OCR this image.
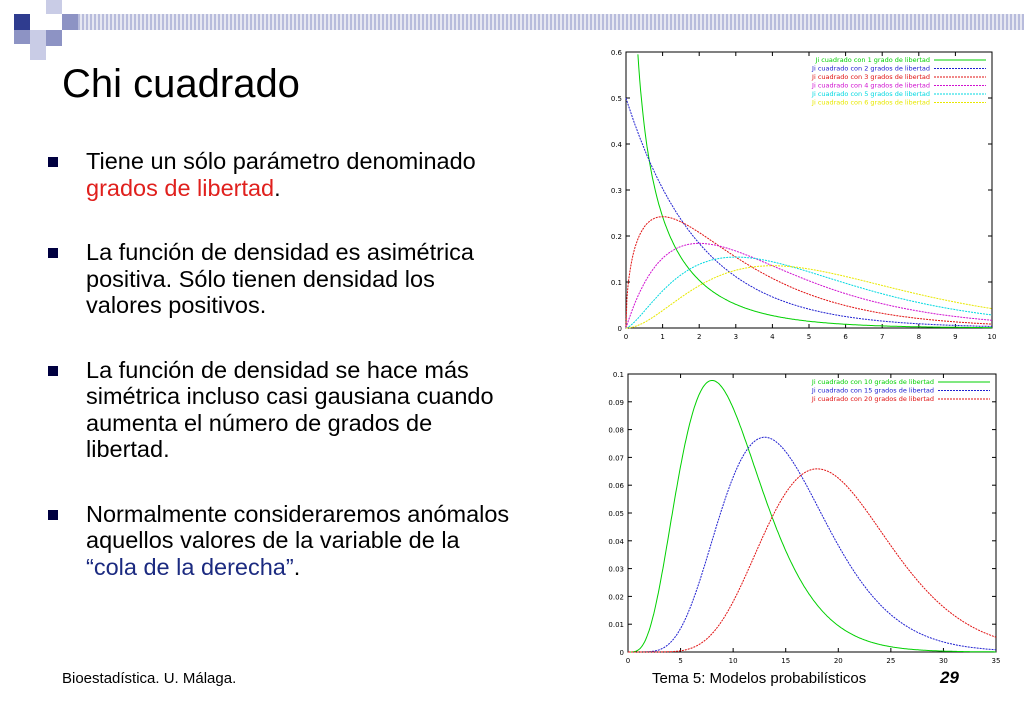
Chi cuadrado
Tiene un sólo parámetro denominado grados de libertad.
La función de densidad es asimétrica positiva. Sólo tienen densidad los valores positivos.
La función de densidad se hace más simétrica incluso casi gausiana cuando aumenta el número de grados de libertad.
Normalmente consideraremos anómalos aquellos valores de la variable de la “cola de la derecha”.
0
0.1
0.2
0.3
0.4
0.5
0.6
0	1	2	3	4	5	6	7	8	9	10
Ji cuadrado con 1 grado de libertad
Ji cuadrado con 2 grados de libertad
Ji cuadrado con 3 grados de libertad
Ji cuadrado con 4 grados de libertad
Ji cuadrado con 5 grados de libertad
Ji cuadrado con 6 grados de libertad
0
0.01
0.02
0.03
0.04
0.05
0.06
0.07
0.08
0.09
0.1
0	5	10	15	20	25	30	35
Ji cuadrado con 10 grados de libertad
Ji cuadrado con 15 grados de libertad
Ji cuadrado con 20 grados de libertad
Bioestadística. U. Málaga.	Tema 5: Modelos probabilísticos	29
